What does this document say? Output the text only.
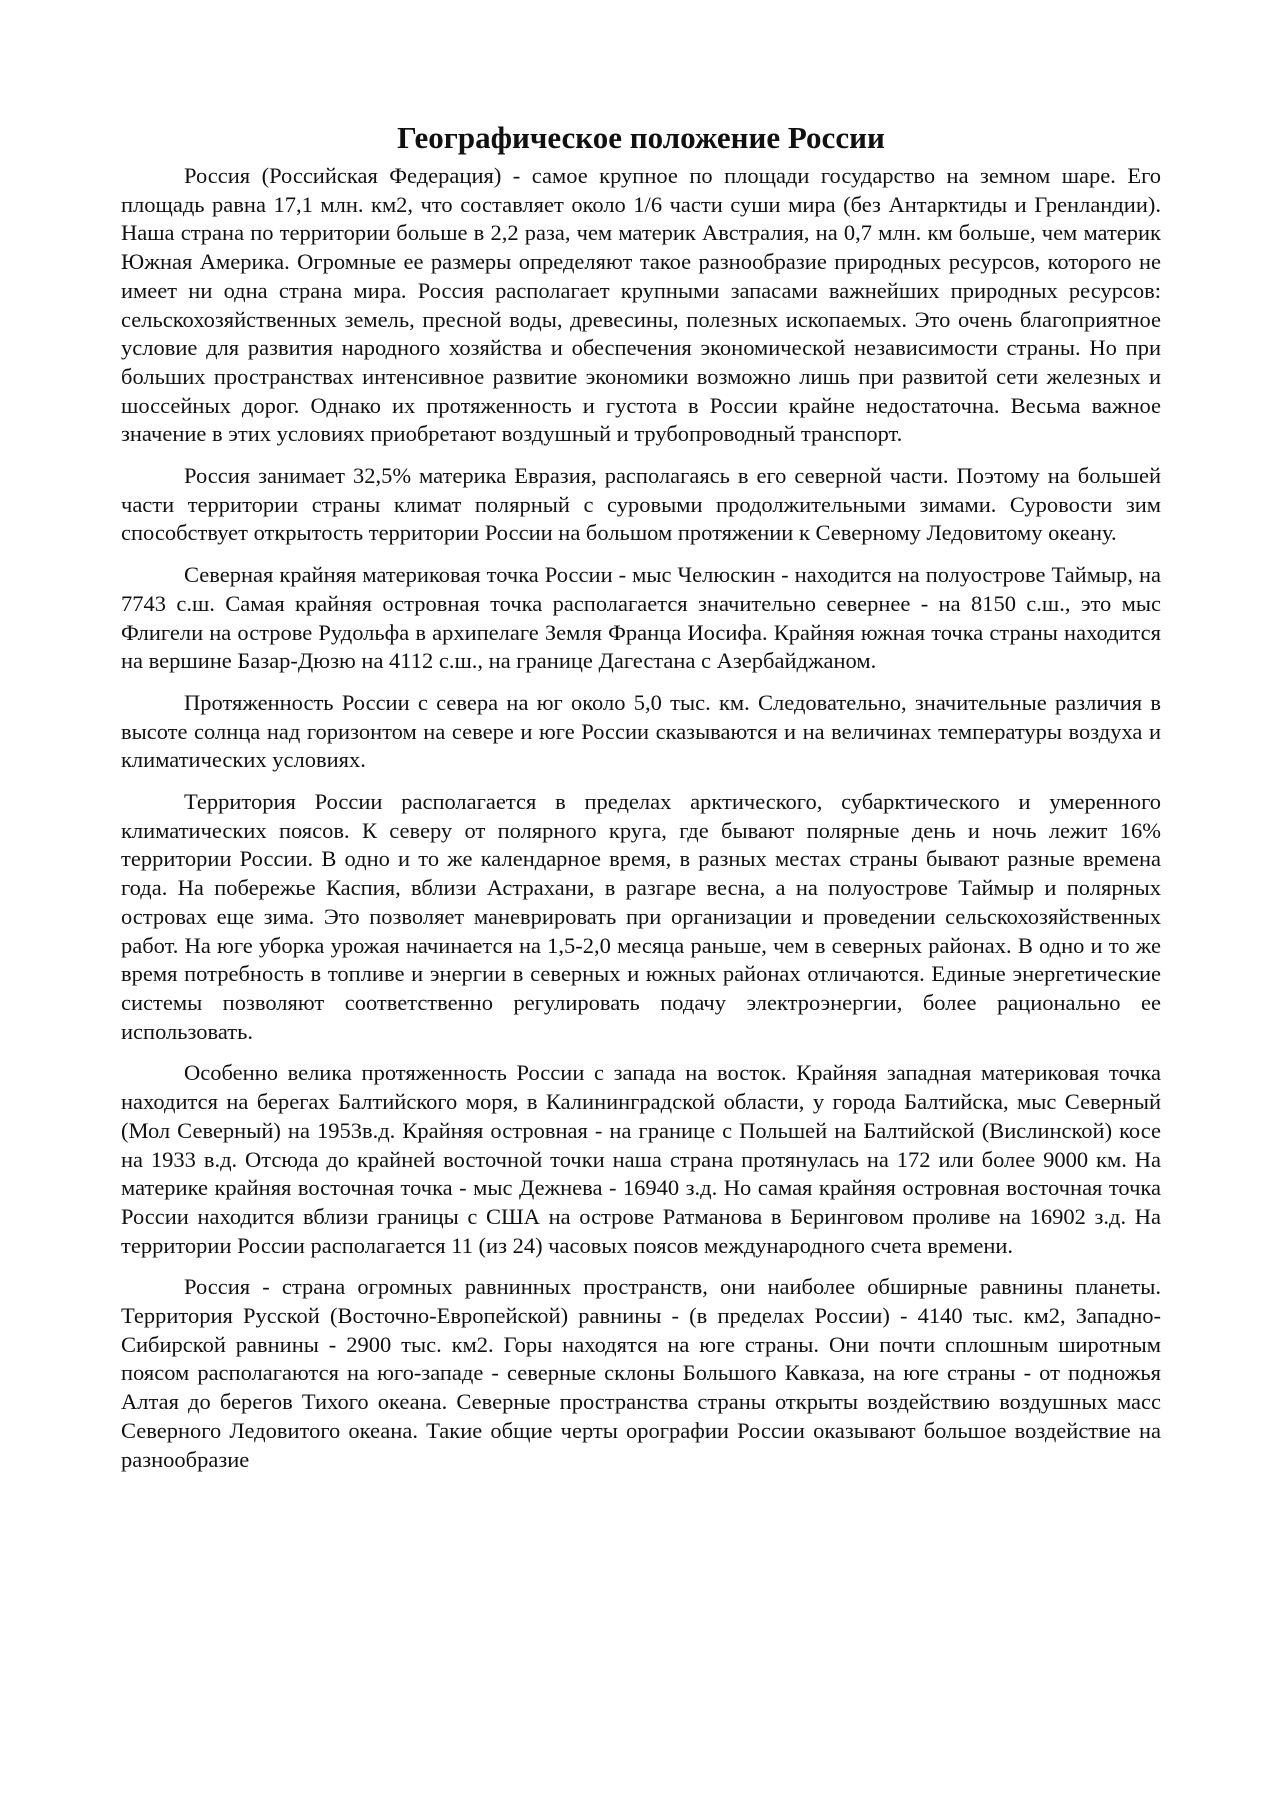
Географическое положение России

Россия (Российская Федерация) - самое крупное по площади государство на земном шаре. Его площадь равна 17,1 млн. км2, что составляет около 1/6 части суши мира (без Антарктиды и Гренландии). Наша страна по территории больше в 2,2 раза, чем материк Австралия, на 0,7 млн. км больше, чем материк Южная Америка. Огромные ее размеры определяют такое разнообразие природных ресурсов, которого не имеет ни одна страна мира. Россия располагает крупными запасами важнейших природных ресурсов: сельскохозяйственных земель, пресной воды, древесины, полезных ископаемых. Это очень благоприятное условие для развития народного хозяйства и обеспечения экономической независимости страны. Но при больших пространствах интенсивное развитие экономики возможно лишь при развитой сети железных и шоссейных дорог. Однако их протяженность и густота в России крайне недостаточна. Весьма важное значение в этих условиях приобретают воздушный и трубопроводный транспорт.

Россия занимает 32,5% материка Евразия, располагаясь в его северной части. Поэтому на большей части территории страны климат полярный с суровыми продолжительными зимами. Суровости зим способствует открытость территории России на большом протяжении к Северному Ледовитому океану.

Северная крайняя материковая точка России - мыс Челюскин - находится на полуострове Таймыр, на 7743 с.ш. Самая крайняя островная точка располагается значительно севернее - на 8150 с.ш., это мыс Флигели на острове Рудольфа в архипелаге Земля Франца Иосифа. Крайняя южная точка страны находится на вершине Базар-Дюзю на 4112 с.ш., на границе Дагестана с Азербайджаном.

Протяженность России с севера на юг около 5,0 тыс. км. Следовательно, значительные различия в высоте солнца над горизонтом на севере и юге России сказываются и на величинах температуры воздуха и климатических условиях.

Территория России располагается в пределах арктического, субарктического и умеренного климатических поясов. К северу от полярного круга, где бывают полярные день и ночь лежит 16% территории России. В одно и то же календарное время, в разных местах страны бывают разные времена года. На побережье Каспия, вблизи Астрахани, в разгаре весна, а на полуострове Таймыр и полярных островах еще зима. Это позволяет маневрировать при организации и проведении сельскохозяйственных работ. На юге уборка урожая начинается на 1,5-2,0 месяца раньше, чем в северных районах. В одно и то же время потребность в топливе и энергии в северных и южных районах отличаются. Единые энергетические системы позволяют соответственно регулировать подачу электроэнергии, более рационально ее использовать.

Особенно велика протяженность России с запада на восток. Крайняя западная материковая точка находится на берегах Балтийского моря, в Калининградской области, у города Балтийска, мыс Северный (Мол Северный) на 1953в.д. Крайняя островная - на границе с Польшей на Балтийской (Вислинской) косе на 1933 в.д. Отсюда до крайней восточной точки наша страна протянулась на 172 или более 9000 км. На материке крайняя восточная точка - мыс Дежнева - 16940 з.д. Но самая крайняя островная восточная точка России находится вблизи границы с США на острове Ратманова в Беринговом проливе на 16902 з.д. На территории России располагается 11 (из 24) часовых поясов международного счета времени.

Россия - страна огромных равнинных пространств, они наиболее обширные равнины планеты. Территория Русской (Восточно-Европейской) равнины - (в пределах России) - 4140 тыс. км2, Западно-Сибирской равнины - 2900 тыс. км2. Горы находятся на юге страны. Они почти сплошным широтным поясом располагаются на юго-западе - северные склоны Большого Кавказа, на юге страны - от подножья Алтая до берегов Тихого океана. Северные пространства страны открыты воздействию воздушных масс Северного Ледовитого океана. Такие общие черты орографии России оказывают большое воздействие на разнообразие
